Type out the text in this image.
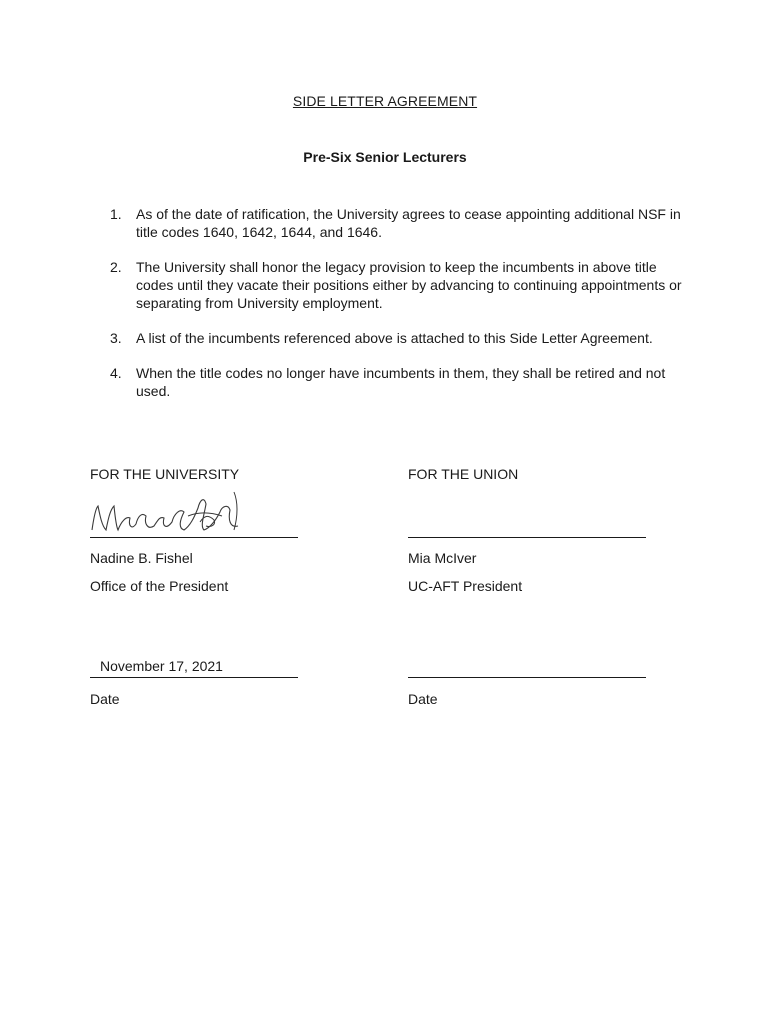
SIDE LETTER AGREEMENT
Pre-Six Senior Lecturers
1. As of the date of ratification, the University agrees to cease appointing additional NSF in title codes 1640, 1642, 1644, and 1646.
2. The University shall honor the legacy provision to keep the incumbents in above title codes until they vacate their positions either by advancing to continuing appointments or separating from University employment.
3. A list of the incumbents referenced above is attached to this Side Letter Agreement.
4. When the title codes no longer have incumbents in them, they shall be retired and not used.
FOR THE UNIVERSITY
Nadine B. Fishel
Office of the President
November 17, 2021
Date
FOR THE UNION
Mia McIver
UC-AFT President
Date
